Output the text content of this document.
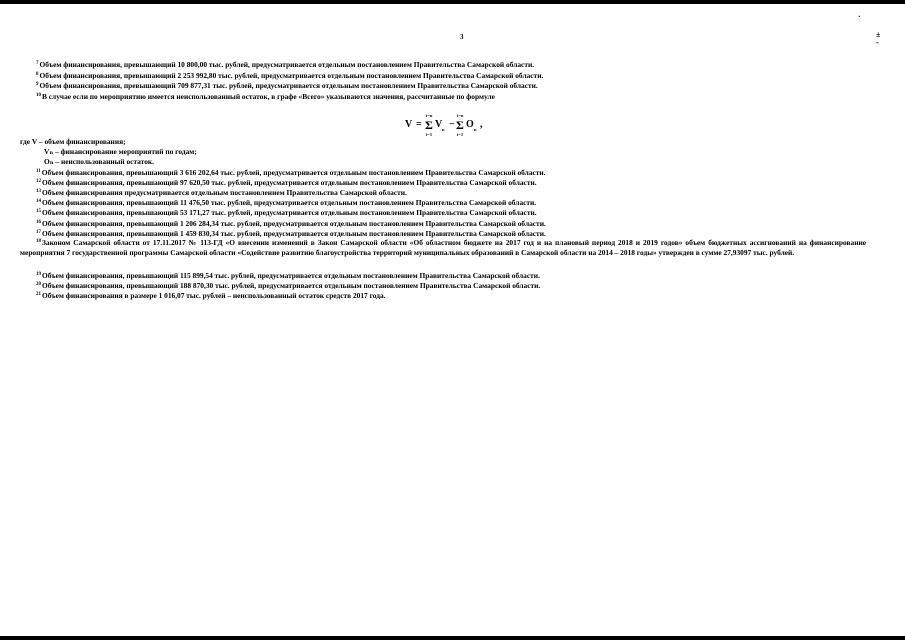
3
·
±
-
$^7$Объем финансирования, превышающий 10 800,00 тыс. рублей, предусматривается отдельным постановлением Правительства Самарской области.
$^8$Объем финансирования, превышающий 2 253 992,80 тыс. рублей, предусматривается отдельным постановлением Правительства Самарской области.
$^9$Объем финансирования, превышающий 709 877,31 тыс. рублей, предусматривается отдельным постановлением Правительства Самарской области.
$^{10}$В случае если по мероприятию имеется неиспользованный остаток, в графе «Всего» указываются значения, рассчитанные по формуле
V =
i=n
Σ
i=1
V n −
i=n
Σ
i=1
O n ,
где V – объем финансирования;
Vₙ – финансирование мероприятий по годам;
Oₙ – неиспользованный остаток.
$^{11}$Объем финансирования, превышающий 3 616 202,64 тыс. рублей, предусматривается отдельным постановлением Правительства Самарской области.
$^{12}$Объем финансирования, превышающий 97 620,50 тыс. рублей, предусматривается отдельным постановлением Правительства Самарской области.
$^{13}$Объем финансирования предусматривается отдельным постановлением Правительства Самарской области.
$^{14}$Объем финансирования, превышающий 11 476,50 тыс. рублей, предусматривается отдельным постановлением Правительства Самарской области.
$^{15}$Объем финансирования, превышающий 53 171,27 тыс. рублей, предусматривается отдельным постановлением Правительства Самарской области.
$^{16}$Объем финансирования, превышающий 1 206 284,34 тыс. рублей, предусматривается отдельным постановлением Правительства Самарской области.
$^{17}$Объем финансирования, превышающий 1 459 830,34 тыс. рублей, предусматривается отдельным постановлением Правительства Самарской области.
$^{18}$Законом Самарской области от 17.11.2017 № 113-ГД «О внесении изменений в Закон Самарской области «Об областном бюджете на 2017 год и на плановый период 2018 и 2019 годов» объем бюджетных ассигнований на финансирование мероприятия 7 государственной программы Самарской области «Содействие развитию благоустройства территорий муниципальных образований в Самарской области на 2014 – 2018 годы» утвержден в сумме 27,93097 тыс. рублей.
$^{19}$Объем финансирования, превышающий 115 899,54 тыс. рублей, предусматривается отдельным постановлением Правительства Самарской области.
$^{20}$Объем финансирования, превышающий 188 870,30 тыс. рублей, предусматривается отдельным постановлением Правительства Самарской области.
$^{21}$Объем финансирования в размере 1 016,07 тыс. рублей – неиспользованный остаток средств 2017 года.
